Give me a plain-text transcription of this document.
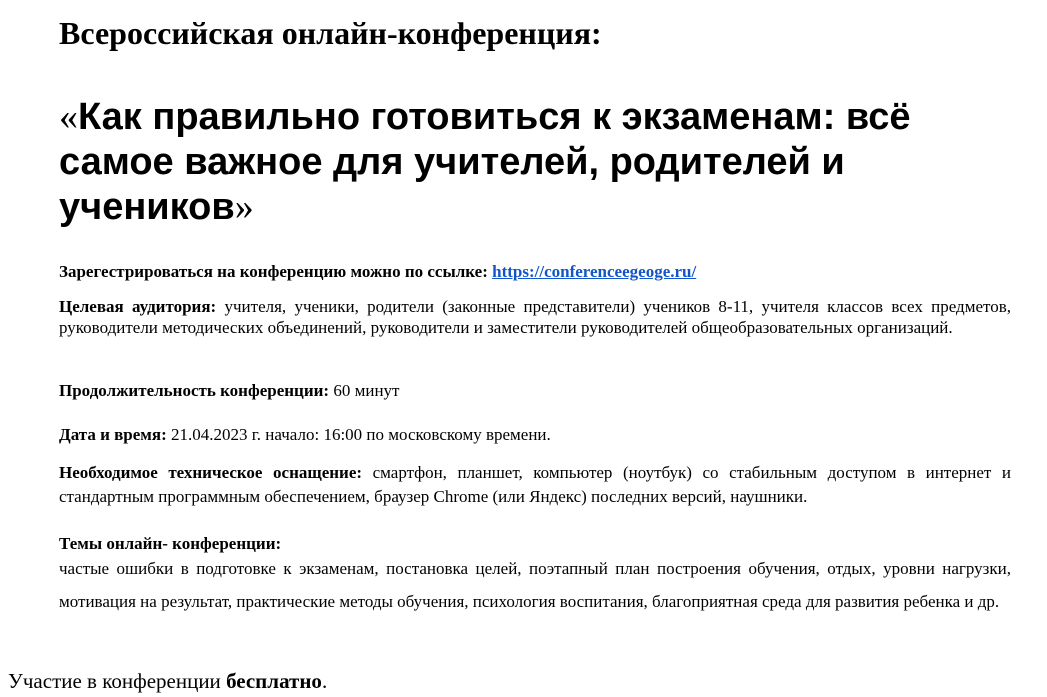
Всероссийская онлайн-конференция:
«Как правильно готовиться к экзаменам: всё самое важное для учителей, родителей и учеников»
Зарегестрироваться на конференцию можно по ссылке: https://conferenceegeoge.ru/
Целевая аудитория: учителя, ученики, родители (законные представители) учеников 8-11, учителя классов всех предметов, руководители методических объединений, руководители и заместители руководителей общеобразовательных организаций.
Продолжительность конференции: 60 минут
Дата и время: 21.04.2023 г. начало: 16:00 по московскому времени.
Необходимое техническое оснащение: смартфон, планшет, компьютер (ноутбук) со стабильным доступом в интернет и стандартным программным обеспечением, браузер Chrome (или Яндекс) последних версий, наушники.
Темы онлайн- конференции:
частые ошибки в подготовке к экзаменам, постановка целей, поэтапный план построения обучения, отдых, уровни нагрузки, мотивация на результат, практические методы обучения, психология воспитания, благоприятная среда для развития ребенка и др.
Участие в конференции бесплатно.
